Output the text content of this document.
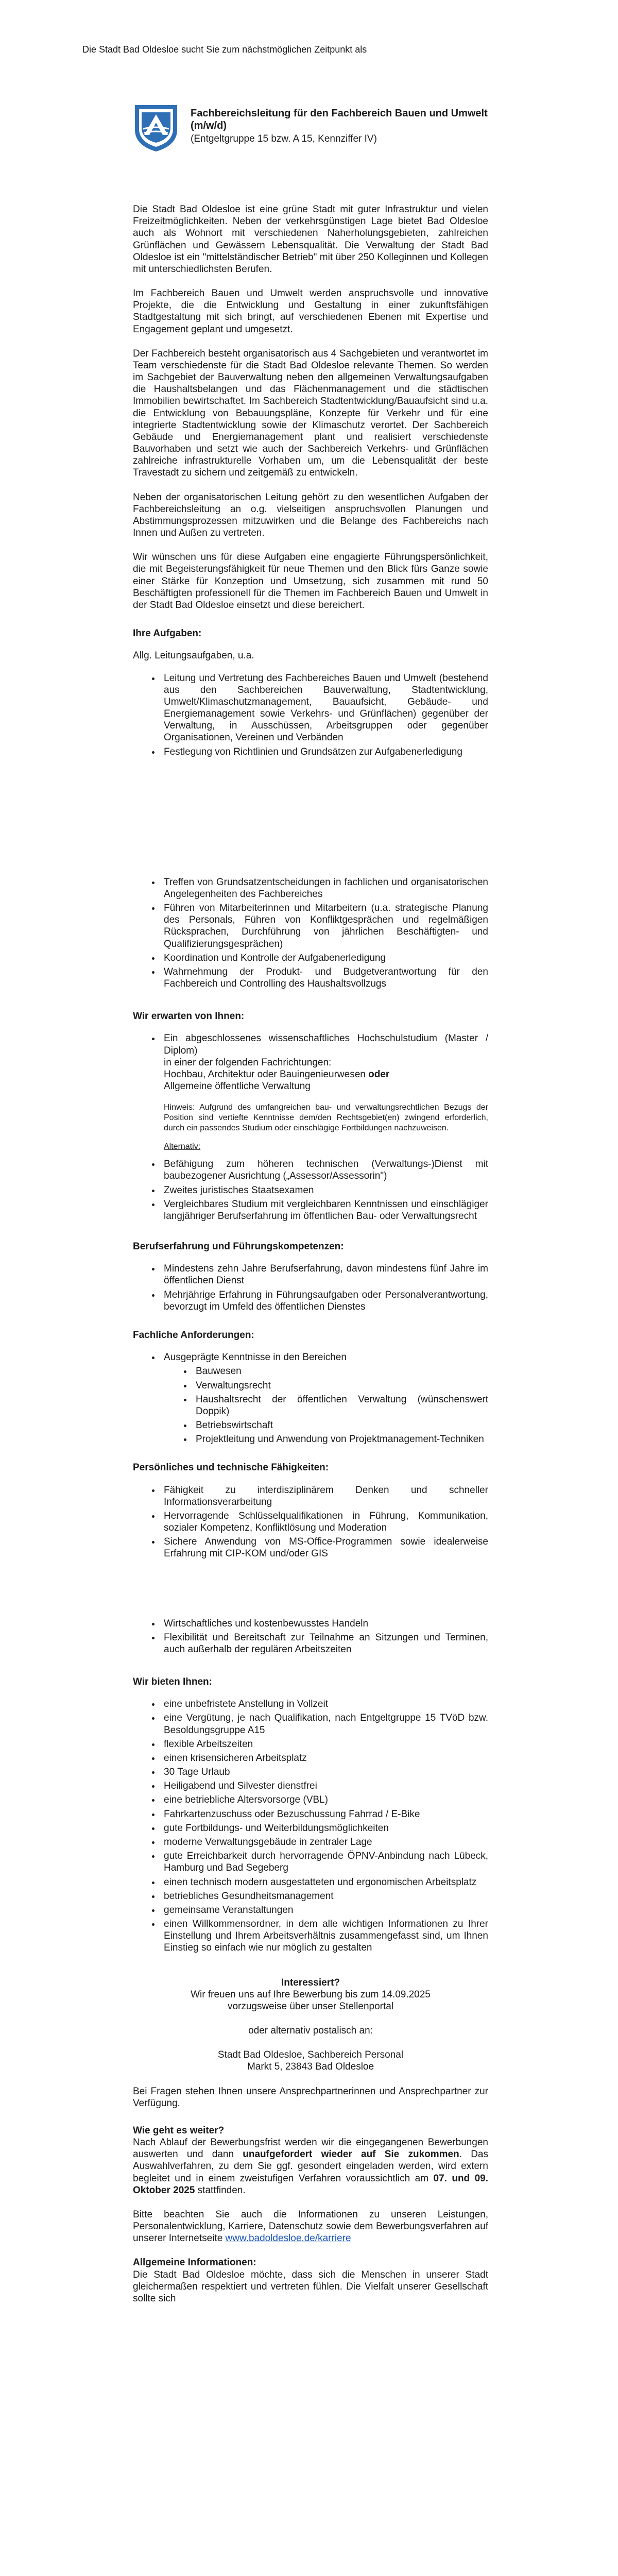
Die Stadt Bad Oldesloe sucht Sie zum nächstmöglichen Zeitpunkt als
Fachbereichsleitung für den Fachbereich Bauen und Umwelt
(m/w/d)
(Entgeltgruppe 15 bzw. A 15, Kennziffer IV)

Die Stadt Bad Oldesloe ist eine grüne Stadt mit guter Infrastruktur und vielen Freizeitmöglichkeiten. Neben der verkehrsgünstigen Lage bietet Bad Oldesloe auch als Wohnort mit verschiedenen Naherholungsgebieten, zahlreichen Grünflächen und Gewässern Lebensqualität. Die Verwaltung der Stadt Bad Oldesloe ist ein "mittelständischer Betrieb" mit über 250 Kolleginnen und Kollegen mit unterschiedlichsten Berufen.

Im Fachbereich Bauen und Umwelt werden anspruchsvolle und innovative Projekte, die die Entwicklung und Gestaltung in einer zukunftsfähigen Stadtgestaltung mit sich bringt, auf verschiedenen Ebenen mit Expertise und Engagement geplant und umgesetzt.

Der Fachbereich besteht organisatorisch aus 4 Sachgebieten und verantwortet im Team verschiedenste für die Stadt Bad Oldesloe relevante Themen. So werden im Sachgebiet der Bauverwaltung neben den allgemeinen Verwaltungsaufgaben die Haushaltsbelangen und das Flächenmanagement und die städtischen Immobilien bewirtschaftet. Im Sachbereich Stadtentwicklung/Bauaufsicht sind u.a. die Entwicklung von Bebauungspläne, Konzepte für Verkehr und für eine integrierte Stadtentwicklung sowie der Klimaschutz verortet. Der Sachbereich Gebäude und Energiemanagement plant und realisiert verschiedenste Bauvorhaben und setzt wie auch der Sachbereich Verkehrs- und Grünflächen zahlreiche infrastrukturelle Vorhaben um, um die Lebensqualität der beste Travestadt zu sichern und zeitgemäß zu entwickeln.

Neben der organisatorischen Leitung gehört zu den wesentlichen Aufgaben der Fachbereichsleitung an o.g. vielseitigen anspruchsvollen Planungen und Abstimmungsprozessen mitzuwirken und die Belange des Fachbereichs nach Innen und Außen zu vertreten.

Wir wünschen uns für diese Aufgaben eine engagierte Führungspersönlichkeit, die mit Begeisterungsfähigkeit für neue Themen und den Blick fürs Ganze sowie einer Stärke für Konzeption und Umsetzung, sich zusammen mit rund 50 Beschäftigten professionell für die Themen im Fachbereich Bauen und Umwelt in der Stadt Bad Oldesloe einsetzt und diese bereichert.

Ihre Aufgaben:

Allg. Leitungsaufgaben, u.a.

• Leitung und Vertretung des Fachbereiches Bauen und Umwelt (bestehend aus den Sachbereichen Bauverwaltung, Stadtentwicklung, Umwelt/Klimaschutzmanagement, Bauaufsicht, Gebäude- und Energiemanagement sowie Verkehrs- und Grünflächen) gegenüber der Verwaltung, in Ausschüssen, Arbeitsgruppen oder gegenüber Organisationen, Vereinen und Verbänden
• Festlegung von Richtlinien und Grundsätzen zur Aufgabenerledigung
• Treffen von Grundsatzentscheidungen in fachlichen und organisatorischen Angelegenheiten des Fachbereiches
• Führen von Mitarbeiterinnen und Mitarbeitern (u.a. strategische Planung des Personals, Führen von Konfliktgesprächen und regelmäßigen Rückspracheп, Durchführung von jährlichen Beschäftigten- und Qualifizierungsgesprächen)
• Koordination und Kontrolle der Aufgabenerledigung
• Wahrnehmung der Produkt- und Budgetverantwortung für den Fachbereich und Controlling des Haushaltsvollzugs
Wir erwarten von Ihnen:
• Ein abgeschlossenes wissenschaftliches Hochschulstudium (Master / Diplom)
in einer der folgenden Fachrichtungen:
Hochbau, Architektur oder Bauingenieurwesen oder
Allgemeine öffentliche Verwaltung
Hinweis: Aufgrund des umfangreichen bau- und verwaltungsrechtlichen Bezugs der Position sind vertiefte Kenntnisse dem/den Rechtsgebiet(en) zwingend erforderlich, durch ein passendes Studium oder einschlägige Fortbildungen nachzuweisen.
Alternativ:
• Befähigung zum höheren technischen (Verwaltungs-)Dienst mit baubezogener Ausrichtung („Assessor/Assessorin")
• Zweites juristisches Staatsexamen
• Vergleichbares Studium mit vergleichbaren Kenntnissen und einschlägiger langjähriger Berufserfahrung im öffentlichen Bau- oder Verwaltungsrecht
Berufserfahrung und Führungskompetenzen:
• Mindestens zehn Jahre Berufserfahrung, davon mindestens fünf Jahre im öffentlichen Dienst
• Mehrjährige Erfahrung in Führungsaufgaben oder Personalverantwortung, bevorzugt im Umfeld des öffentlichen Dienstes
Fachliche Anforderungen:
• Ausgeprägte Kenntnisse in den Bereichen
• Bauwesen
• Verwaltungsrecht
• Haushaltsrecht der öffentlichen Verwaltung (wünschenswert Doppik)
• Betriebswirtschaft
• Projektleitung und Anwendung von Projektmanagement-Techniken
Persönliches und technische Fähigkeiten:
• Fähigkeit zu interdisziplinärem Denken und schneller Informationsverarbeitung
• Hervorragende Schlüsselqualifikationen in Führung, Kommunikation, sozialer Kompetenz, Konfliktlösung und Moderation
• Sichere Anwendung von MS-Office-Programmen sowie idealerweise Erfahrung mit CIP-KOM und/oder GIS
• Wirtschaftliches und kostenbewusstes Handeln
• Flexibilität und Bereitschaft zur Teilnahme an Sitzungen und Terminen, auch außerhalb der regulären Arbeitszeiten
Wir bieten Ihnen:
• eine unbefristete Anstellung in Vollzeit
• eine Vergütung, je nach Qualifikation, nach Entgeltgruppe 15 TVöD bzw. Besoldungsgruppe A15
• flexible Arbeitszeiten
• einen krisensicheren Arbeitsplatz
• 30 Tage Urlaub
• Heiligabend und Silvester dienstfrei
• eine betriebliche Altersvorsorge (VBL)
• Fahrkartenzuschuss oder Bezuschussung Fahrrad / E-Bike
• gute Fortbildungs- und Weiterbildungsmöglichkeiten
• moderne Verwaltungsgebäude in zentraler Lage
• gute Erreichbarkeit durch hervorragende ÖPNV-Anbindung nach Lübeck, Hamburg und Bad Segeberg
• einen technisch modern ausgestatteten und ergonomischen Arbeitsplatz
• betriebliches Gesundheitsmanagement
• gemeinsame Veranstaltungen
• einen Willkommensordner, in dem alle wichtigen Informationen zu Ihrer Einstellung und Ihrem Arbeitsverhältnis zusammengefasst sind, um Ihnen Einstieg so einfach wie nur möglich zu gestalten
Interessiert?
Wir freuen uns auf Ihre Bewerbung bis zum 14.09.2025
vorzugsweise über unser Stellenportal
oder alternativ postalisch an:
Stadt Bad Oldesloe, Sachbereich Personal
Markt 5, 23843 Bad Oldesloe

Bei Fragen stehen Ihnen unsere Ansprechpartnerinnen und Ansprechpartner zur Verfügung.

Wie geht es weiter?

Nach Ablauf der Bewerbungsfrist werden wir die eingegangenen Bewerbungen auswerten und dann unaufgefordert wieder auf Sie zukommen. Das Auswahlverfahren, zu dem Sie ggf. gesondert eingeladen werden, wird extern begleitet und in einem zweistufigen Verfahren voraussichtlich am 07. und 09. Oktober 2025 stattfinden.

Bitte beachten Sie auch die Informationen zu unseren Leistungen, Personalentwicklung, Karriere, Datenschutz sowie dem Bewerbungsverfahren auf unserer Internetseite www.badoldesloe.de/karriere

Allgemeine Informationen:

Die Stadt Bad Oldesloe möchte, dass sich die Menschen in unserer Stadt gleichermaßen respektiert und vertreten fühlen. Die Vielfalt unserer Gesellschaft sollte sich
